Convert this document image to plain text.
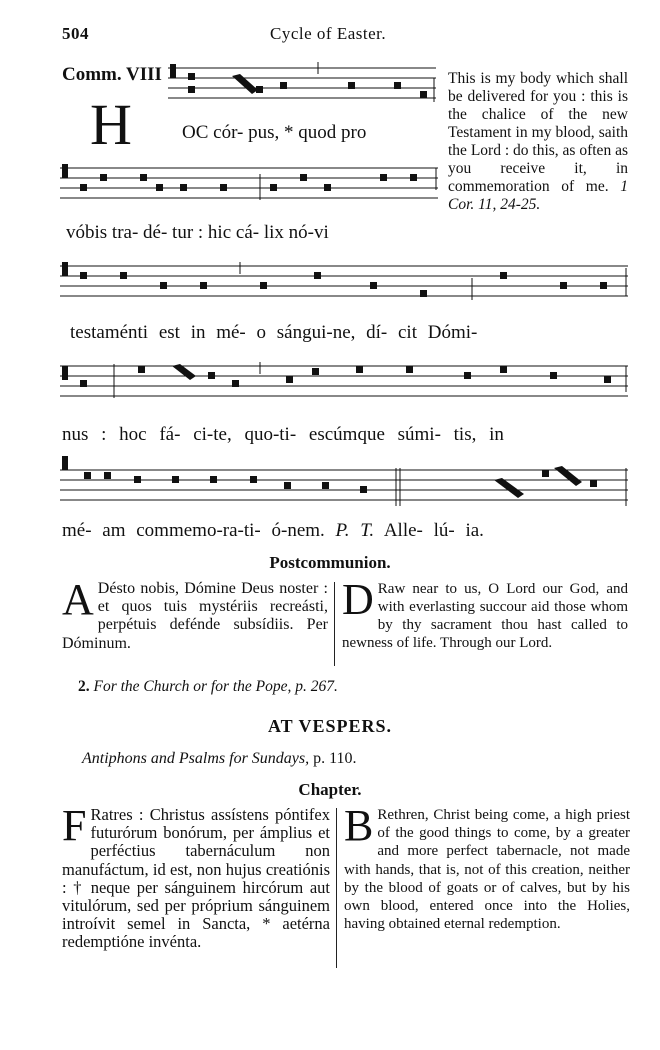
504	Cycle of Easter.
Comm. VIII
H	OC cór- pus, * quod pro
vóbis tra- dé- tur : hic cá- lix nó-vi
This is my body which shall be delivered for you : this is the chalice of the new Testament in my blood, saith the Lord : do this, as often as you receive it, in commemoration of me. 1 Cor. 11, 24-25.
testaménti est in mé- o sángui-ne, dí- cit Dómi-
nus : hoc fá- ci-te, quo-ti- escúmque súmi- tis, in
mé- am commemo-ra-ti- ó-nem. P. T. Alle- lú- ia.
Postcommunion.
A Désto nobis, Dómine Deus noster : et quos tuis mystériis recreásti, perpétuis defénde subsídiis. Per Dóminum.
D Raw near to us, O Lord our God, and with everlasting succour aid those whom by thy sacrament thou hast called to newness of life. Through our Lord.
2. For the Church or for the Pope, p. 267.
AT VESPERS.
Antiphons and Psalms for Sundays, p. 110.
Chapter.
F Ratres : Christus assístens póntifex futurórum bonórum, per ámplius et perféctius tabernáculum non manufáctum, id est, non hujus creatiónis : † neque per sánguinem hircórum aut vitulórum, sed per próprium sánguinem introívit semel in Sancta, * aetérna redemptióne invénta.
B Rethren, Christ being come, a high priest of the good things to come, by a greater and more perfect tabernacle, not made with hands, that is, not of this creation, neither by the blood of goats or of calves, but by his own blood, entered once into the Holies, having obtained eternal redemption.
